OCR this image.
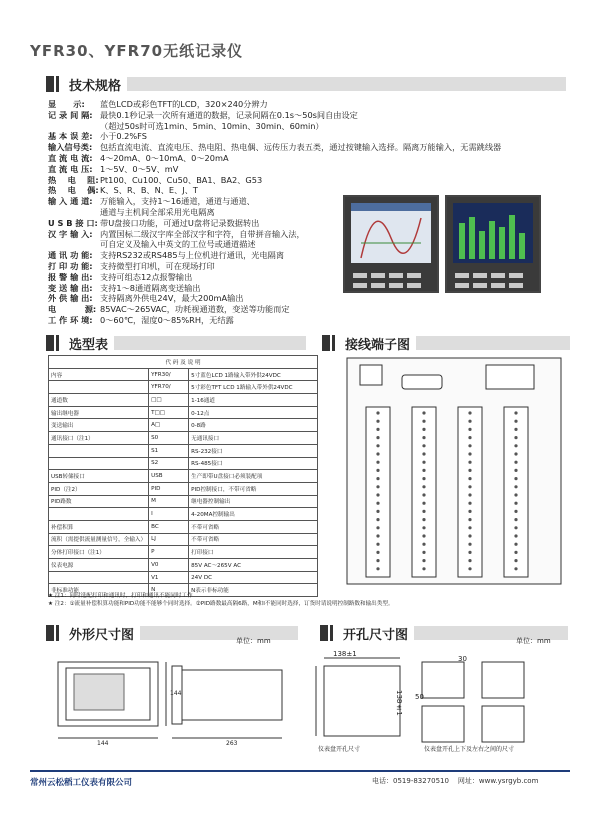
YFR30、YFR70无纸记录仪
技术规格
显      示:	蓝色LCD或彩色TFT的LCD，320×240分辨力
记 录 间 隔: 最快0.1秒记录一次所有通道的数据，记录间隔在0.1s～50s间自由设定
（超过50s时可选1min、5min、10min、30min、60min）
基 本 误 差: 小于0.2%FS
输入信号类: 包括直流电流、直流电压、热电阻、热电偶、远传压力表五类，通过按键输入选择。隔离万能输入，无需跳线器
直 流 电 流: 4～20mA、0～10mA、0～20mA
直 流 电 压: 1～5V、0～5V、mV
热    电    阻: Pt100、Cu100、Cu50、BA1、BA2、G53
热    电    偶: K、S、R、B、N、E、J、T
输 入 通 道: 万能输入，支持1～16通道，通道与通道、
通道与主机间全部采用光电隔离
U S B 接 口: 带U盘接口功能，可通过U盘将记录数据转出
汉 字 输 入: 内置国标二级汉字库全部汉字和字符，自带拼音输入法，
可自定义及输入中英文的工位号或通道描述
通 讯 功 能: 支持RS232或RS485与上位机进行通讯，光电隔离
打 印 功 能: 支持微型打印机，可在现场打印
报 警 输 出: 支持可组态12点报警输出
变 送 输 出: 支持1～8通道隔离变送输出
外 供 输 出: 支持隔离外供电24V，最大200mA输出
电          源: 85VAC～265VAC，功耗视通道数，变送等功能而定
工 作 环 境: 0～60℃，湿度0～85%RH，无结露
选型表
代 码 及 说 明		
内容	YFR30/	5寸蓝色LCD 1路输入带外供24VDC
	YFR70/	5寸彩色TFT LCD 1路输入带外供24VDC
通道数	□□	1-16通道
输出继电器	T□□	0-12点
变送输出	A□	0-8路
通讯接口（注1）	S0	无通讯接口
	S1	RS-232接口
	S2	RS-485接口
USB转储接口	USB	生产即带U盘接口必须装配项
PID（注2）	PID	PID控制接口，不带可省略
PID路数	M	继电器控制输出
	I	4-20MA控制输出
补偿积算	BC	不带可省略
流积（需提供流量测量信号，全输入）	LJ	不带可省略
分体打印接口（注1）	P	打印接口
仪表电源	V0	85V AC～265V AC
	V1	24V DC
非标准功能	N	N表示非标功能
★ 注1：同时选配打印和通讯时，打印和通讯不能同时工作
★ 注2：①流量补偿积算功能和PID功能不能够个同时选择。②PID路数最高隔6路，M和I不能同时选择，订货时请说明控制路数和输出类型。
接线端子图
外形尺寸图	单位：mm
144
144
263
开孔尺寸图	单位：mm
138±1
138±1
30
50
仪表盘开孔尺寸	仪表盘开孔上下及左右之间的尺寸
常州云松稻工仪表有限公司	电话：0519-83270510 网址：www.ysrgyb.com
